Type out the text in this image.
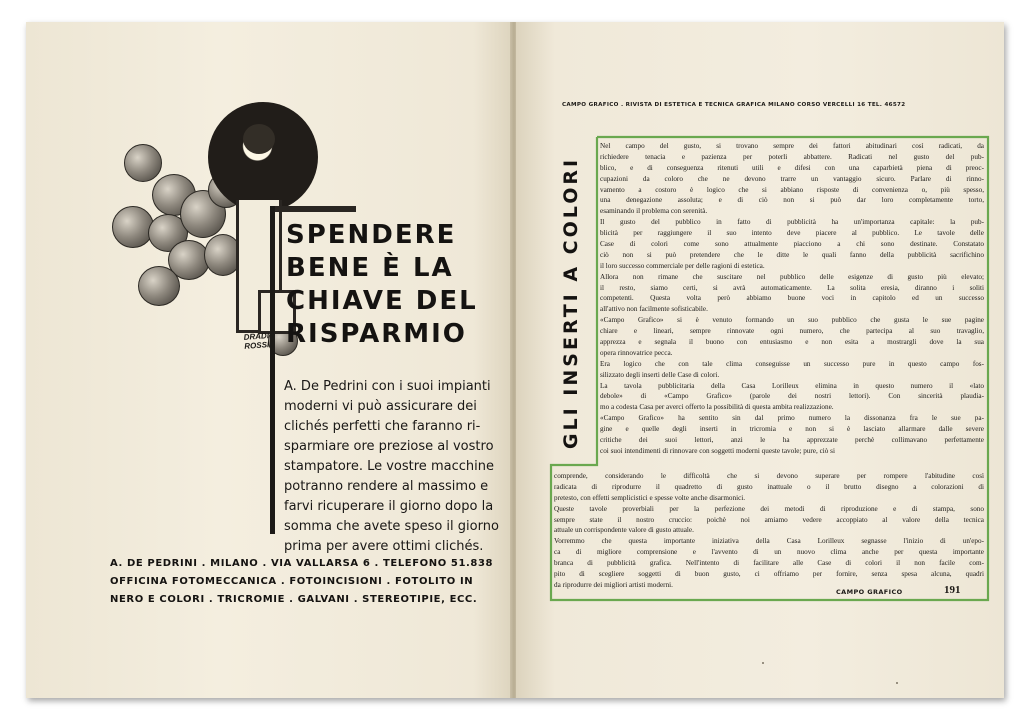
DRADI
ROSSI
SPENDERE
BENE È LA
CHIAVE DEL
RISPARMIO

A. De Pedrini con i suoi impianti
moderni vi può assicurare dei
clichés perfetti che faranno ri-
sparmiare ore preziose al vostro
stampatore. Le vostre macchine
potranno rendere al massimo e
farvi ricuperare il giorno dopo la
somma che avete speso il giorno
prima per avere ottimi clichés.

A. DE PEDRINI . MILANO . VIA VALLARSA 6 . TELEFONO 51.838
OFFICINA FOTOMECCANICA . FOTOINCISIONI . FOTOLITO IN
NERO E COLORI . TRICROMIE . GALVANI . STEREOTIPIE, ECC.

CAMPO GRAFICO . RIVISTA DI ESTETICA E TECNICA GRAFICA MILANO CORSO VERCELLI 16 TEL. 46572
GLI INSERTI A COLORI
Nel campo del gusto, si trovano sempre dei fattori abitudinari così radicati, da
richiedere tenacia e pazienza per poterli abbattere. Radicati nel gusto del pub-
blico, e di conseguenza ritenuti utili e difesi con una caparbietà piena di preoc-
cupazioni da coloro che ne devono trarre un vantaggio sicuro. Parlare di rinno-
vamento a costoro è logico che si abbiano risposte di convenienza o, più spesso,
una denegazione assoluta; e di ciò non si può dar loro completamente torto,
esaminando il problema con serenità.
Il gusto del pubblico in fatto di pubblicità ha un'importanza capitale: la pub-
blicità per raggiungere il suo intento deve piacere al pubblico. Le tavole delle
Case di colori come sono attualmente piacciono a chi sono destinate. Constatato
ciò non si può pretendere che le ditte le quali fanno della pubblicità sacrifichino
il loro successo commerciale per delle ragioni di estetica.
Allora non rimane che suscitare nel pubblico delle esigenze di gusto più elevato;
il resto, siamo certi, si avrà automaticamente. La solita eresia, diranno i soliti
competenti. Questa volta però abbiamo buone voci in capitolo ed un successo
all'attivo non facilmente sofisticabile.
«Campo Grafico» si è venuto formando un suo pubblico che gusta le sue pagine
chiare e lineari, sempre rinnovate ogni numero, che partecipa al suo travaglio,
apprezza e segnala il buono con entusiasmo e non esita a mostrargli dove la sua
opera rinnovatrice pecca.
Era logico che con tale clima conseguisse un successo pure in questo campo fos-
silizzato degli inserti delle Case di colori.
La tavola pubblicitaria della Casa Lorilleux elimina in questo numero il «lato
debole» di «Campo Grafico» (parole dei nostri lettori). Con sincerità plaudia-
mo a codesta Casa per averci offerto la possibilità di questa ambita realizzazione.
«Campo Grafico» ha sentito sin dal primo numero la dissonanza fra le sue pa-
gine e quelle degli inserti in tricromia e non si è lasciato allarmare dalle severe
critiche dei suoi lettori, anzi le ha apprezzate perchè collimavano perfettamente
coi suoi intendimenti di rinnovare con soggetti moderni queste tavole; pure, ciò si
comprende, considerando le difficoltà che si devono superare per rompere l'abitudine così
radicata di riprodurre il quadretto di gusto inattuale o il brutto disegno a colorazioni di
pretesto, con effetti semplicistici e spesse volte anche disarmonici.
Queste tavole proverbiali per la perfezione dei metodi di riproduzione e di stampa, sono
sempre state il nostro cruccio: poichè noi amiamo vedere accoppiato al valore della tecnica
attuale un corrispondente valore di gusto attuale.
Vorremmo che questa importante iniziativa della Casa Lorilleux segnasse l'inizio di un'epo-
ca di migliore comprensione e l'avvento di un nuovo clima anche per questa importante
branca di pubblicità grafica. Nell'intento di facilitare alle Case di colori il non facile com-
pito di scegliere soggetti di buon gusto, ci offriamo per fornire, senza spesa alcuna, quadri
da riprodurre dei migliori artisti moderni.
CAMPO GRAFICO	191
